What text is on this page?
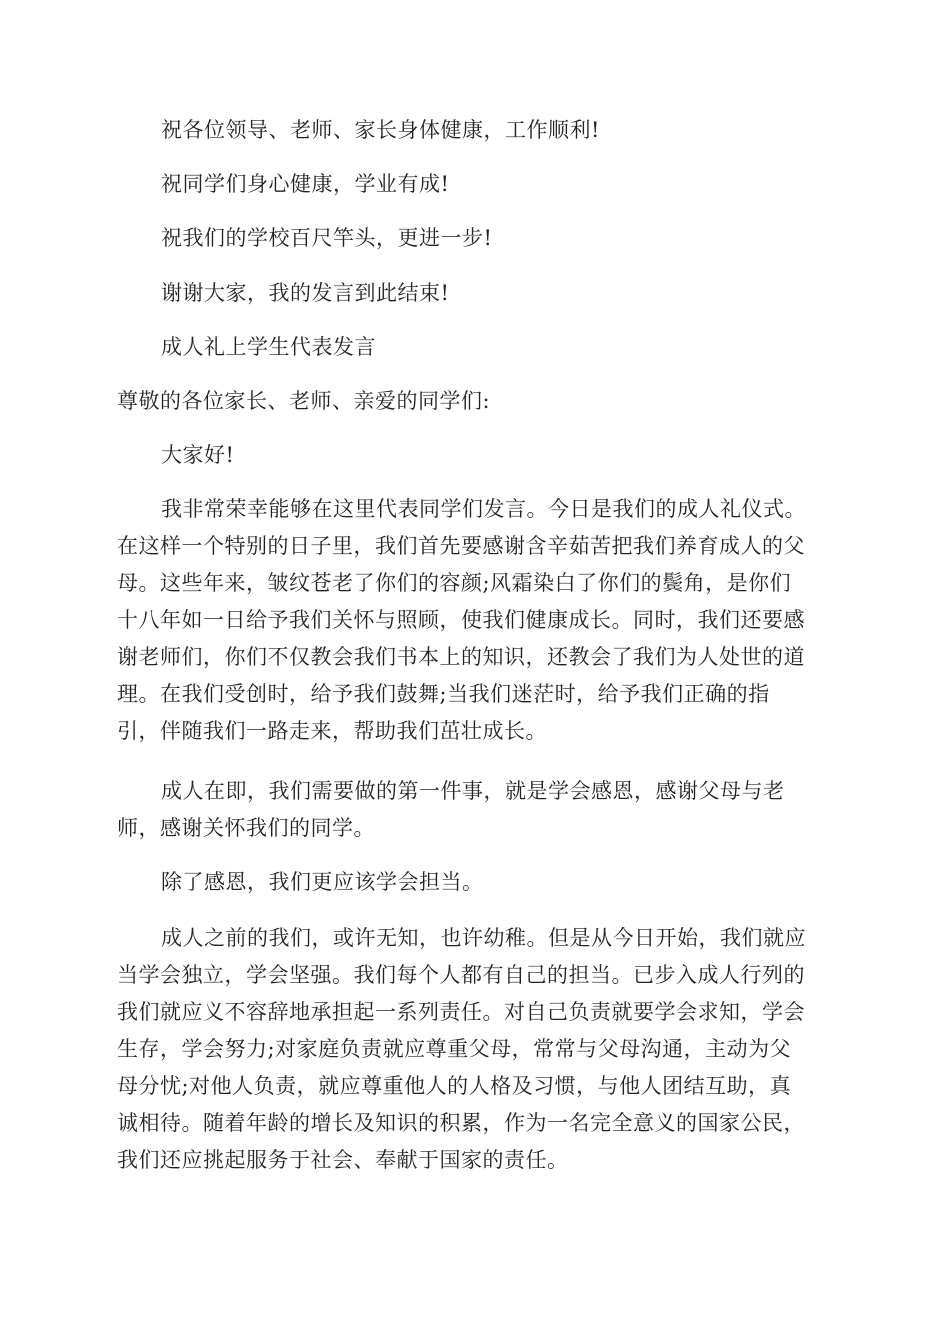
祝各位领导、老师、家长身体健康，工作顺利!
祝同学们身心健康，学业有成!
祝我们的学校百尺竿头，更进一步!
谢谢大家，我的发言到此结束!
成人礼上学生代表发言
尊敬的各位家长、老师、亲爱的同学们:
大家好!
我非常荣幸能够在这里代表同学们发言。今日是我们的成人礼仪式。
在这样一个特别的日子里，我们首先要感谢含辛茹苦把我们养育成人的父
母。这些年来，皱纹苍老了你们的容颜;风霜染白了你们的鬓角，是你们
十八年如一日给予我们关怀与照顾，使我们健康成长。同时，我们还要感
谢老师们，你们不仅教会我们书本上的知识，还教会了我们为人处世的道
理。在我们受创时，给予我们鼓舞;当我们迷茫时，给予我们正确的指
引，伴随我们一路走来，帮助我们茁壮成长。
成人在即，我们需要做的第一件事，就是学会感恩，感谢父母与老
师，感谢关怀我们的同学。
除了感恩，我们更应该学会担当。
成人之前的我们，或许无知，也许幼稚。但是从今日开始，我们就应
当学会独立，学会坚强。我们每个人都有自己的担当。已步入成人行列的
我们就应义不容辞地承担起一系列责任。对自己负责就要学会求知，学会
生存，学会努力;对家庭负责就应尊重父母，常常与父母沟通，主动为父
母分忧;对他人负责，就应尊重他人的人格及习惯，与他人团结互助，真
诚相待。随着年龄的增长及知识的积累，作为一名完全意义的国家公民，
我们还应挑起服务于社会、奉献于国家的责任。
